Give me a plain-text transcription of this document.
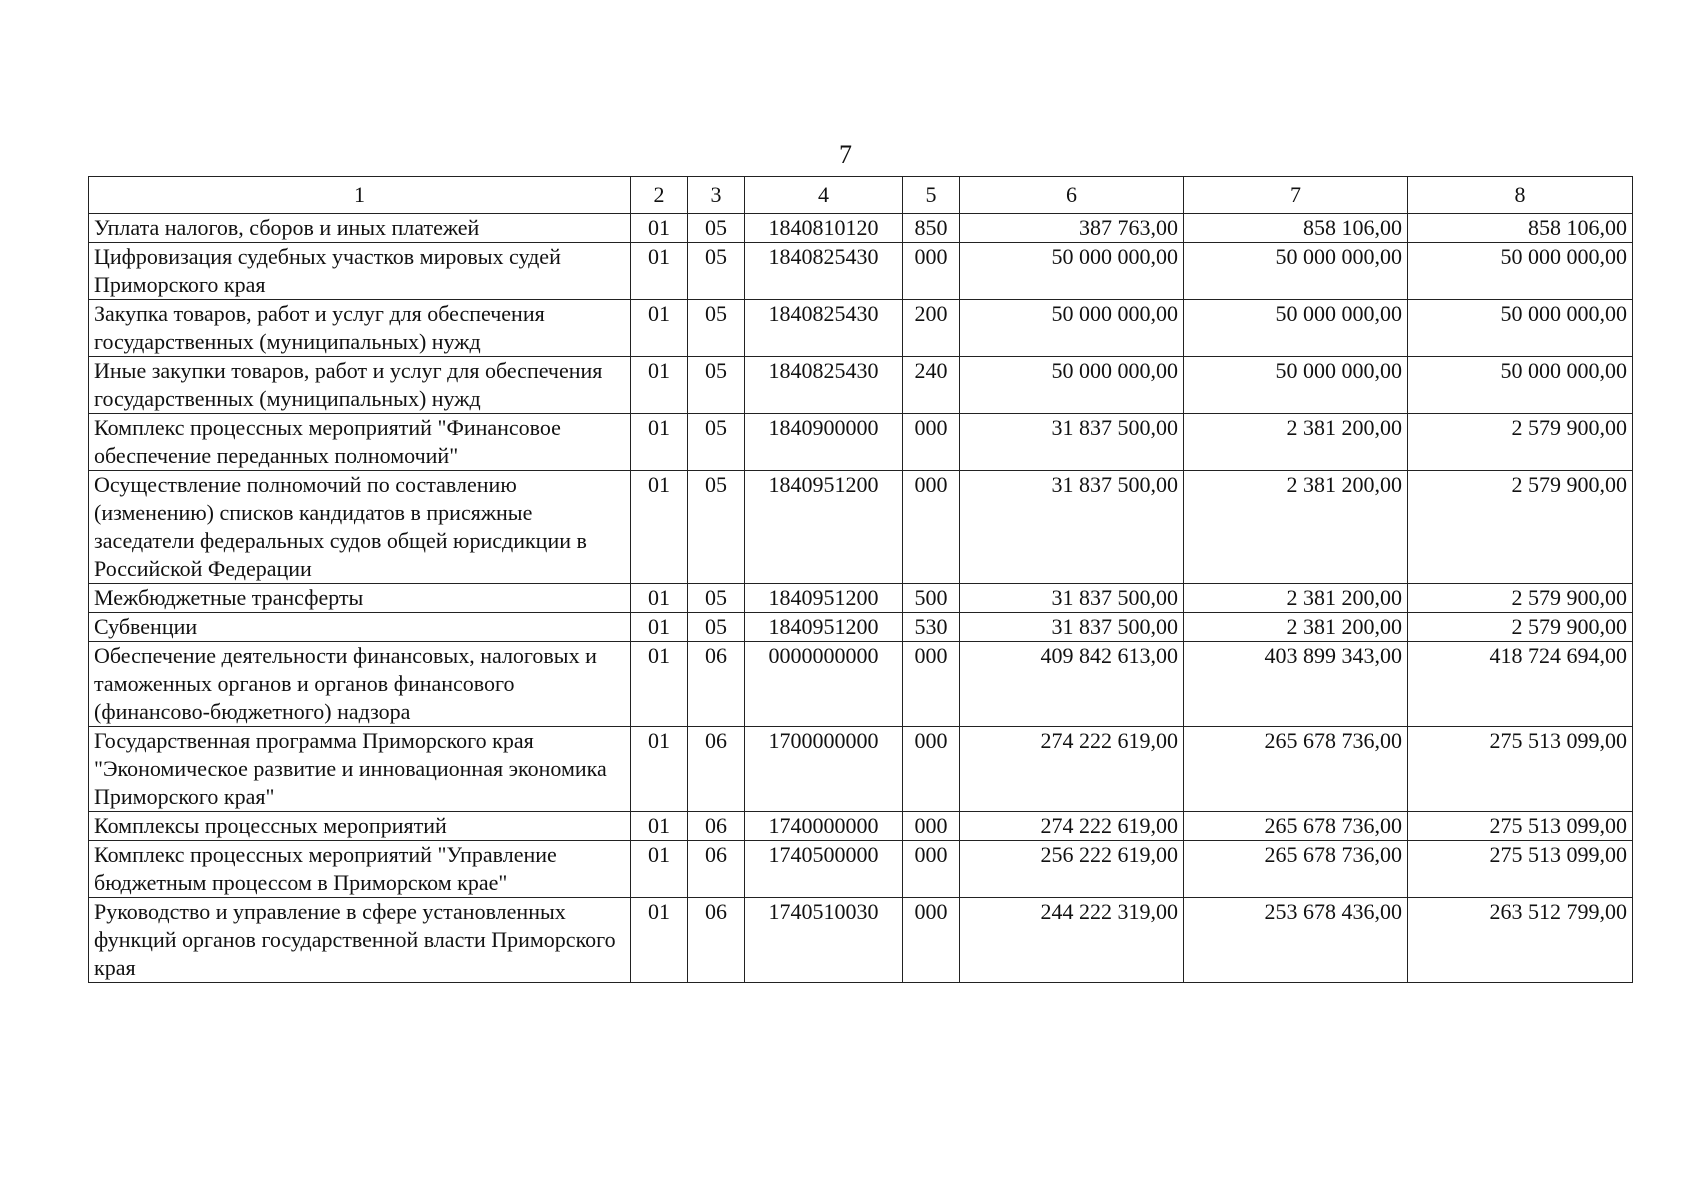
7
1	2	3	4	5	6	7	8
Уплата налогов, сборов и иных платежей	01	05	1840810120	850	387 763,00	858 106,00	858 106,00
Цифровизация судебных участков мировых судей Приморского края	01	05	1840825430	000	50 000 000,00	50 000 000,00	50 000 000,00
Закупка товаров, работ и услуг для обеспечения государственных (муниципальных) нужд	01	05	1840825430	200	50 000 000,00	50 000 000,00	50 000 000,00
Иные закупки товаров, работ и услуг для обеспечения государственных (муниципальных) нужд	01	05	1840825430	240	50 000 000,00	50 000 000,00	50 000 000,00
Комплекс процессных мероприятий "Финансовое обеспечение переданных полномочий"	01	05	1840900000	000	31 837 500,00	2 381 200,00	2 579 900,00
Осуществление полномочий по составлению (изменению) списков кандидатов в присяжные заседатели федеральных судов общей юрисдикции в Российской Федерации	01	05	1840951200	000	31 837 500,00	2 381 200,00	2 579 900,00
Межбюджетные трансферты	01	05	1840951200	500	31 837 500,00	2 381 200,00	2 579 900,00
Субвенции	01	05	1840951200	530	31 837 500,00	2 381 200,00	2 579 900,00
Обеспечение деятельности финансовых, налоговых и таможенных органов и органов финансового (финансово-бюджетного) надзора	01	06	0000000000	000	409 842 613,00	403 899 343,00	418 724 694,00
Государственная программа Приморского края "Экономическое развитие и инновационная экономика Приморского края"	01	06	1700000000	000	274 222 619,00	265 678 736,00	275 513 099,00
Комплексы процессных мероприятий	01	06	1740000000	000	274 222 619,00	265 678 736,00	275 513 099,00
Комплекс процессных мероприятий "Управление бюджетным процессом в Приморском крае"	01	06	1740500000	000	256 222 619,00	265 678 736,00	275 513 099,00
Руководство и управление в сфере установленных функций органов государственной власти Приморского края	01	06	1740510030	000	244 222 319,00	253 678 436,00	263 512 799,00
